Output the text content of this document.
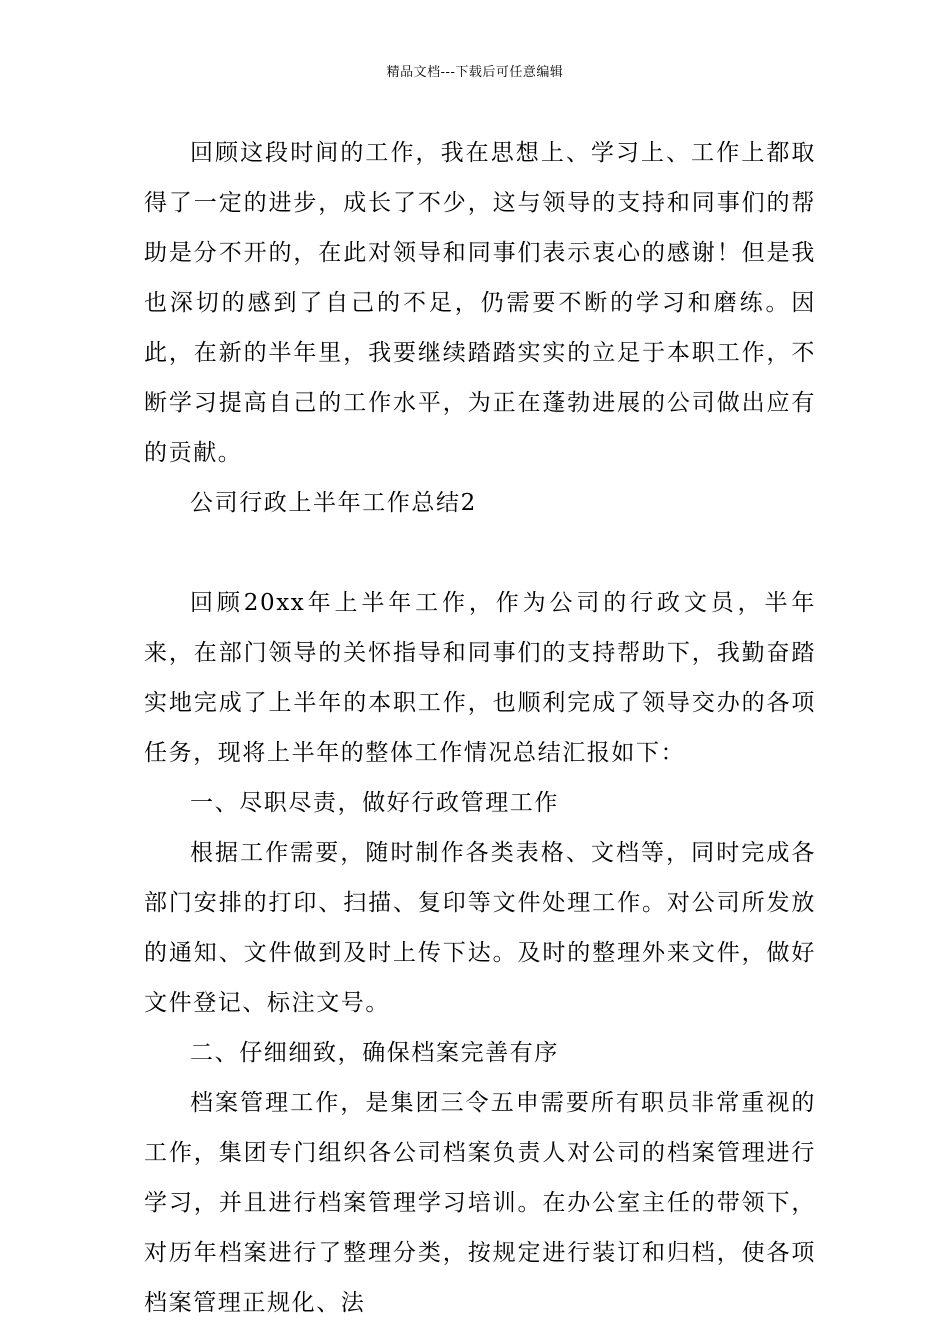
精品文档---下载后可任意编辑

回顾这段时间的工作，我在思想上、学习上、工作上都取得了一定的进步，成长了不少，这与领导的支持和同事们的帮助是分不开的，在此对领导和同事们表示衷心的感谢！但是我也深切的感到了自己的不足，仍需要不断的学习和磨练。因此，在新的半年里，我要继续踏踏实实的立足于本职工作，不断学习提高自己的工作水平，为正在蓬勃进展的公司做出应有的贡献。

公司行政上半年工作总结2

回顾20xx年上半年工作，作为公司的行政文员，半年来，在部门领导的关怀指导和同事们的支持帮助下，我勤奋踏实地完成了上半年的本职工作，也顺利完成了领导交办的各项任务，现将上半年的整体工作情况总结汇报如下：

一、尽职尽责，做好行政管理工作

根据工作需要，随时制作各类表格、文档等，同时完成各部门安排的打印、扫描、复印等文件处理工作。对公司所发放的通知、文件做到及时上传下达。及时的整理外来文件，做好文件登记、标注文号。

二、仔细细致，确保档案完善有序

档案管理工作，是集团三令五申需要所有职员非常重视的工作，集团专门组织各公司档案负责人对公司的档案管理进行学习，并且进行档案管理学习培训。在办公室主任的带领下，对历年档案进行了整理分类，按规定进行装订和归档，使各项档案管理正规化、法
